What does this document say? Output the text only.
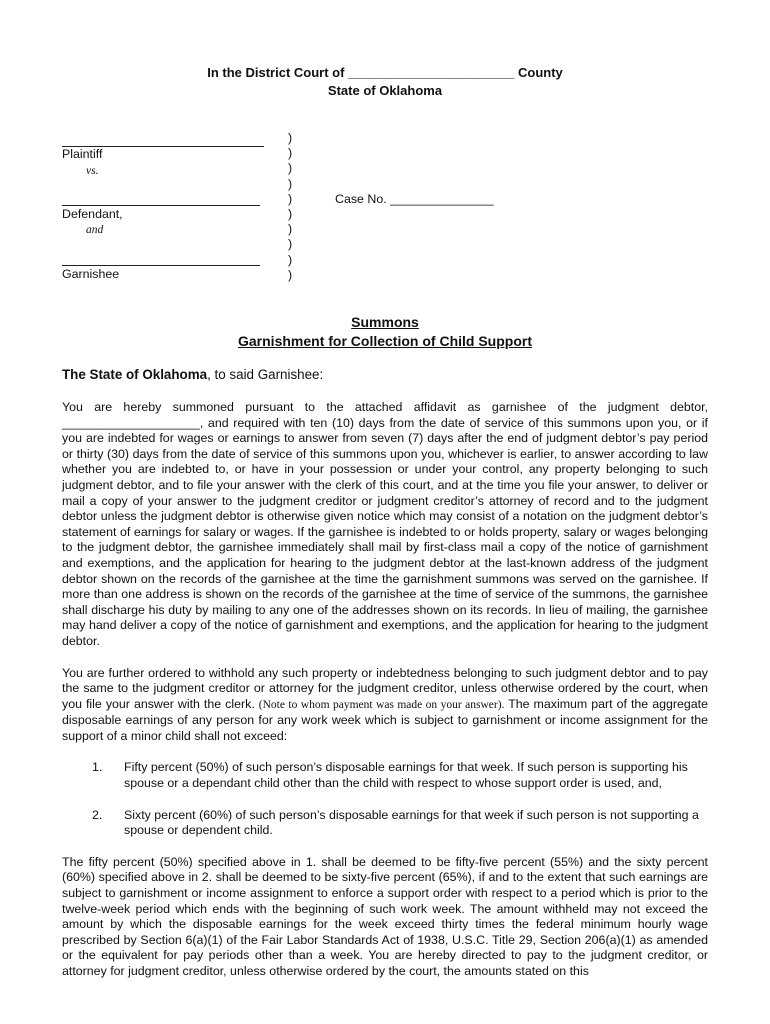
In the District Court of _______________________ County
State of Oklahoma
Plaintiff
vs.
Defendant,
and
Garnishee
)
)
)
)
)
)
)
)
)
)
Case No. _______________
Summons
Garnishment for Collection of Child Support
The State of Oklahoma, to said Garnishee:

You are hereby summoned pursuant to the attached affidavit as garnishee of the judgment debtor, ____________________, and required with ten (10) days from the date of service of this summons upon you, or if you are indebted for wages or earnings to answer from seven (7) days after the end of judgment debtor’s pay period or thirty (30) days from the date of service of this summons upon you, whichever is earlier, to answer according to law whether you are indebted to, or have in your possession or under your control, any property belonging to such judgment debtor, and to file your answer with the clerk of this court, and at the time you file your answer, to deliver or mail a copy of your answer to the judgment creditor or judgment creditor’s attorney of record and to the judgment debtor unless the judgment debtor is otherwise given notice which may consist of a notation on the judgment debtor’s statement of earnings for salary or wages. If the garnishee is indebted to or holds property, salary or wages belonging to the judgment debtor, the garnishee immediately shall mail by first-class mail a copy of the notice of garnishment and exemptions, and the application for hearing to the judgment debtor at the last-known address of the judgment debtor shown on the records of the garnishee at the time the garnishment summons was served on the garnishee. If more than one address is shown on the records of the garnishee at the time of service of the summons, the garnishee shall discharge his duty by mailing to any one of the addresses shown on its records. In lieu of mailing, the garnishee may hand deliver a copy of the notice of garnishment and exemptions, and the application for hearing to the judgment debtor.

You are further ordered to withhold any such property or indebtedness belonging to such judgment debtor and to pay the same to the judgment creditor or attorney for the judgment creditor, unless otherwise ordered by the court, when you file your answer with the clerk. (Note to whom payment was made on your answer). The maximum part of the aggregate disposable earnings of any person for any work week which is subject to garnishment or income assignment for the support of a minor child shall not exceed:

1. Fifty percent (50%) of such person’s disposable earnings for that week. If such person is supporting his spouse or a dependant child other than the child with respect to whose support order is used, and,
2. Sixty percent (60%) of such person’s disposable earnings for that week if such person is not supporting a spouse or dependent child.

The fifty percent (50%) specified above in 1. shall be deemed to be fifty-five percent (55%) and the sixty percent (60%) specified above in 2. shall be deemed to be sixty-five percent (65%), if and to the extent that such earnings are subject to garnishment or income assignment to enforce a support order with respect to a period which is prior to the twelve-week period which ends with the beginning of such work week. The amount withheld may not exceed the amount by which the disposable earnings for the week exceed thirty times the federal minimum hourly wage prescribed by Section 6(a)(1) of the Fair Labor Standards Act of 1938, U.S.C. Title 29, Section 206(a)(1) as amended or the equivalent for pay periods other than a week. You are hereby directed to pay to the judgment creditor, or attorney for judgment creditor, unless otherwise ordered by the court, the amounts stated on this
